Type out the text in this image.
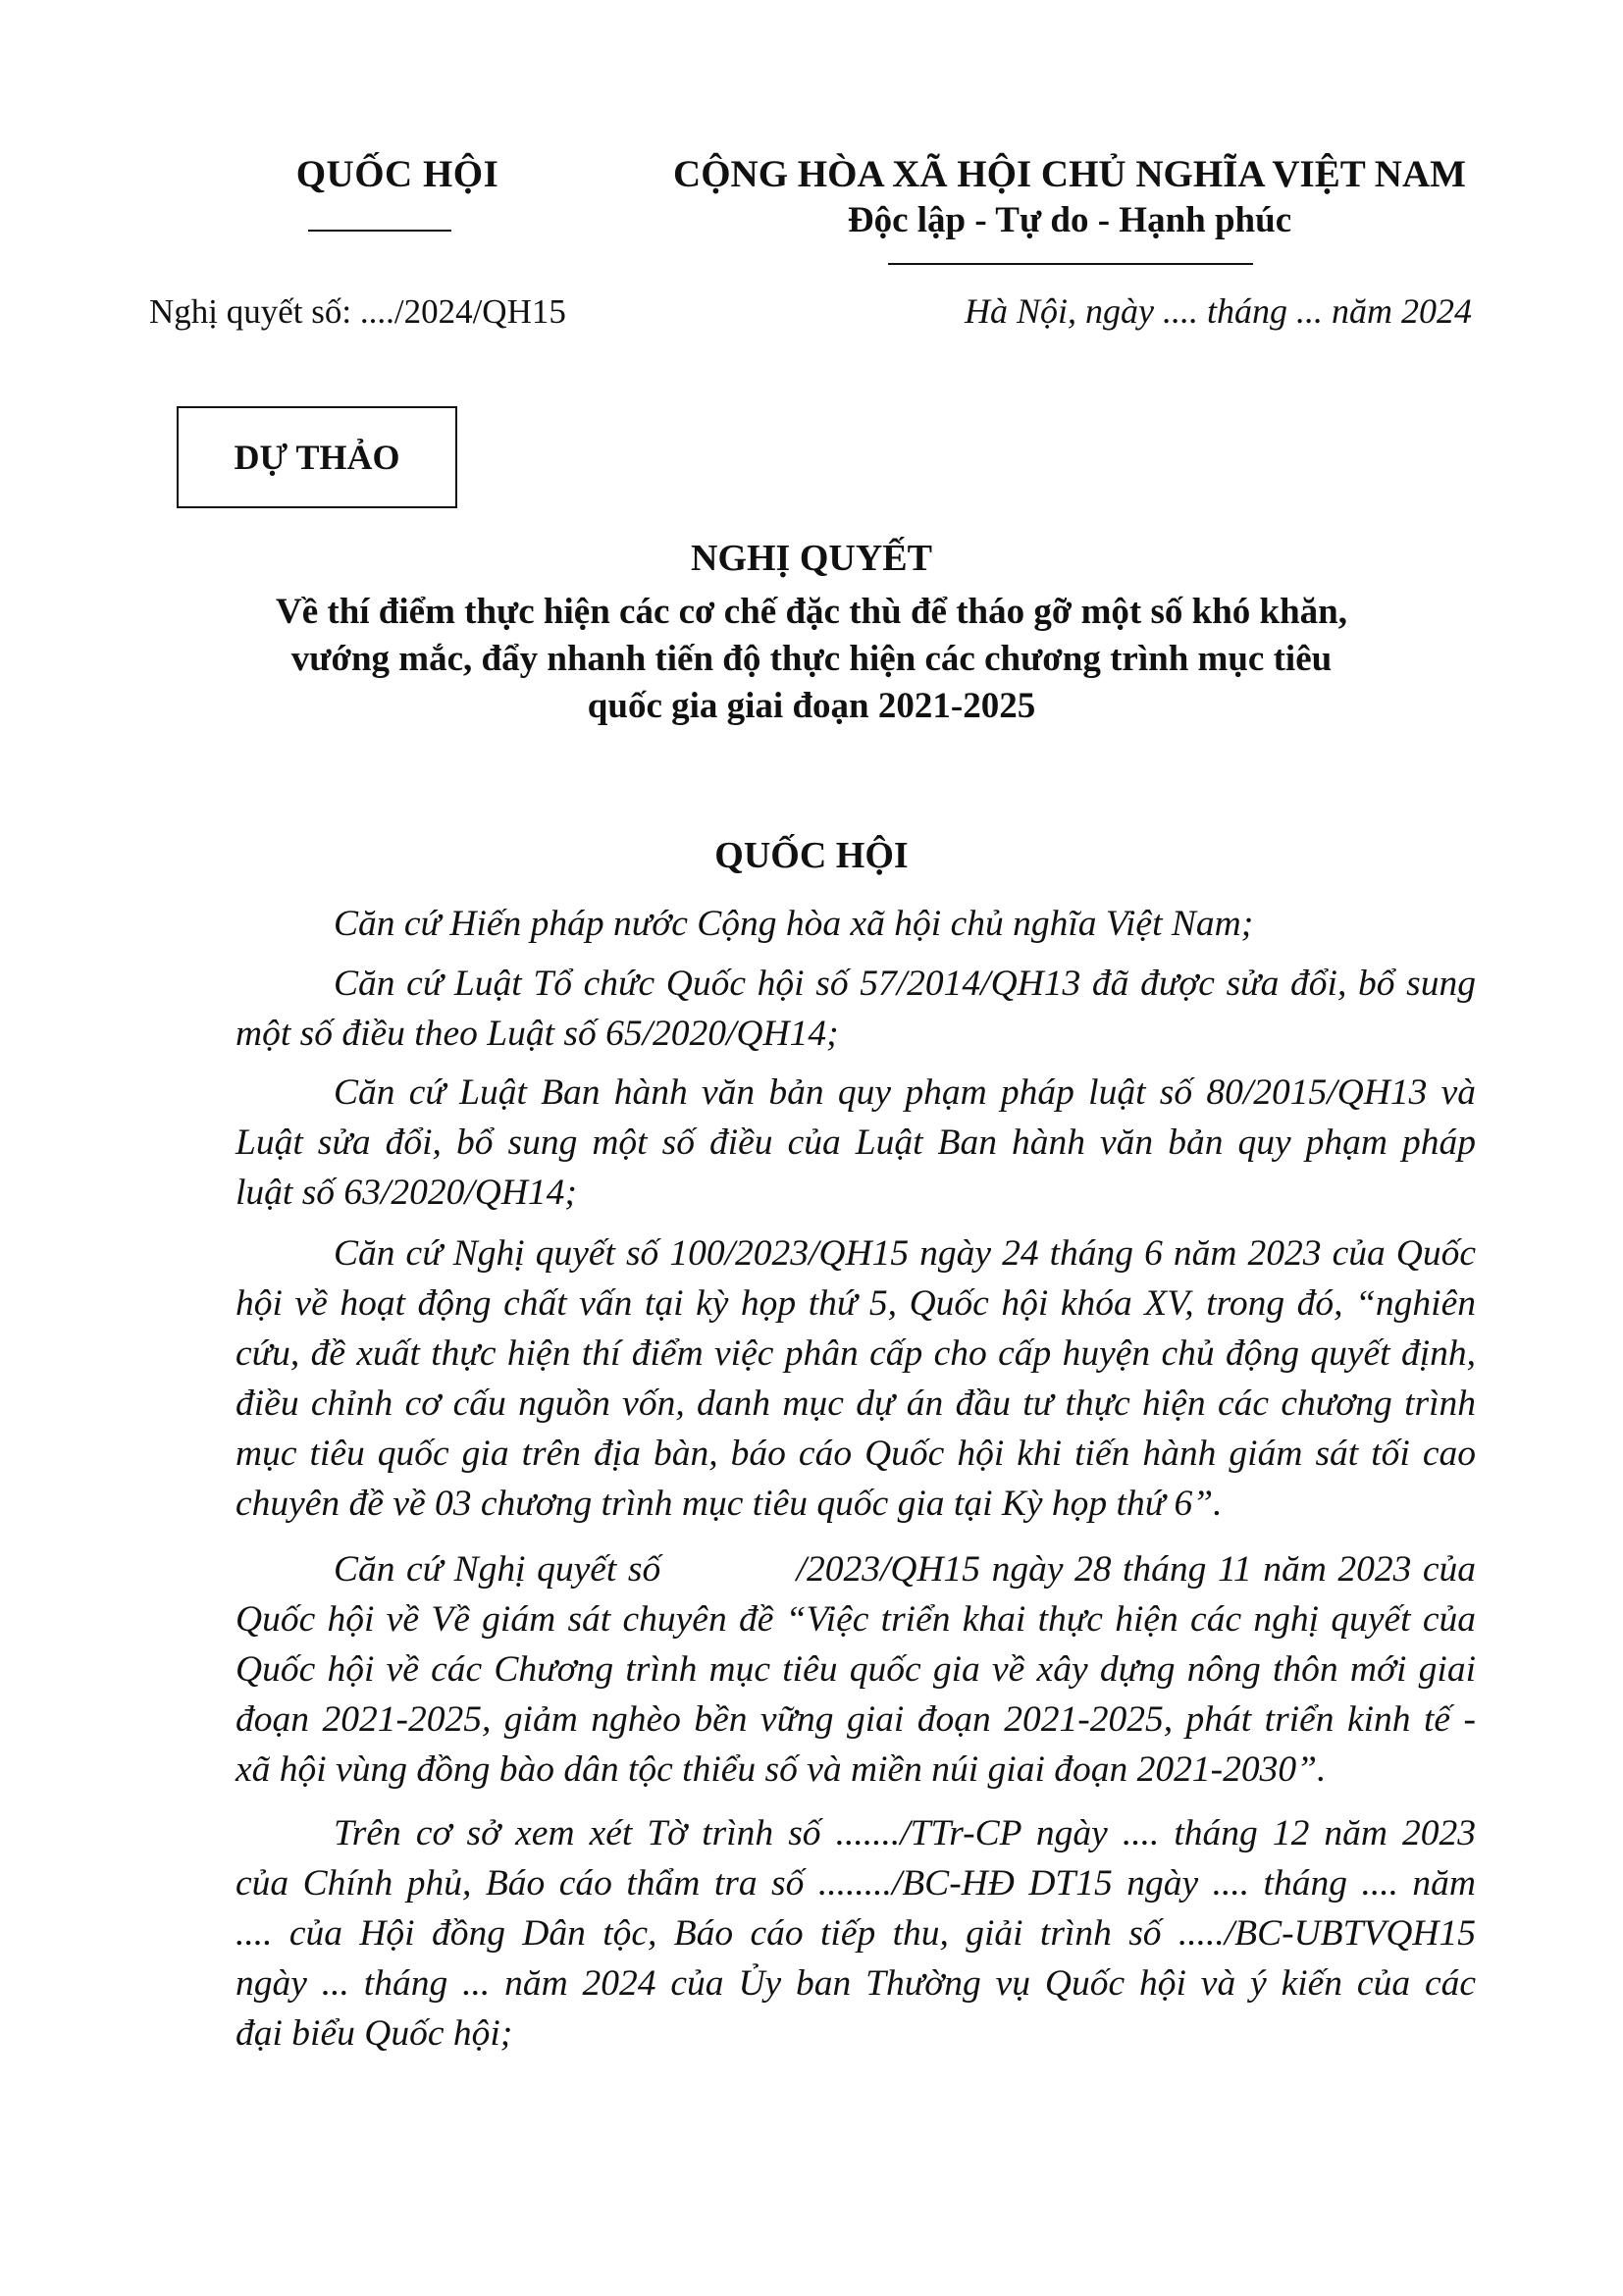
QUỐC HỘI	CỘNG HÒA XÃ HỘI CHỦ NGHĨA VIỆT NAM
Độc lập - Tự do - Hạnh phúc
Nghị quyết số: ..../2024/QH15	Hà Nội, ngày .... tháng ... năm 2024
DỰ THẢO
NGHỊ QUYẾT
Về thí điểm thực hiện các cơ chế đặc thù để tháo gỡ một số khó khăn,
vướng mắc, đẩy nhanh tiến độ thực hiện các chương trình mục tiêu
quốc gia giai đoạn 2021-2025
QUỐC HỘI
Căn cứ Hiến pháp nước Cộng hòa xã hội chủ nghĩa Việt Nam;
Căn cứ Luật Tổ chức Quốc hội số 57/2014/QH13 đã được sửa đổi, bổ sung
một số điều theo Luật số 65/2020/QH14;
Căn cứ Luật Ban hành văn bản quy phạm pháp luật số 80/2015/QH13 và
Luật sửa đổi, bổ sung một số điều của Luật Ban hành văn bản quy phạm pháp
luật số 63/2020/QH14;
Căn cứ Nghị quyết số 100/2023/QH15 ngày 24 tháng 6 năm 2023 của Quốc
hội về hoạt động chất vấn tại kỳ họp thứ 5, Quốc hội khóa XV, trong đó, “nghiên
cứu, đề xuất thực hiện thí điểm việc phân cấp cho cấp huyện chủ động quyết định,
điều chỉnh cơ cấu nguồn vốn, danh mục dự án đầu tư thực hiện các chương trình
mục tiêu quốc gia trên địa bàn, báo cáo Quốc hội khi tiến hành giám sát tối cao
chuyên đề về 03 chương trình mục tiêu quốc gia tại Kỳ họp thứ 6”.
Căn cứ Nghị quyết số            /2023/QH15 ngày 28 tháng 11 năm 2023 của
Quốc hội về Về giám sát chuyên đề “Việc triển khai thực hiện các nghị quyết của
Quốc hội về các Chương trình mục tiêu quốc gia về xây dựng nông thôn mới giai
đoạn 2021-2025, giảm nghèo bền vững giai đoạn 2021-2025, phát triển kinh tế -
xã hội vùng đồng bào dân tộc thiểu số và miền núi giai đoạn 2021-2030”.
Trên cơ sở xem xét Tờ trình số ......./TTr-CP ngày .... tháng 12 năm 2023
của Chính phủ, Báo cáo thẩm tra số ......../BC-HĐ DT15 ngày .... tháng .... năm
.... của Hội đồng Dân tộc, Báo cáo tiếp thu, giải trình số ...../BC-UBTVQH15
ngày ... tháng ... năm 2024 của Ủy ban Thường vụ Quốc hội và ý kiến của các
đại biểu Quốc hội;
